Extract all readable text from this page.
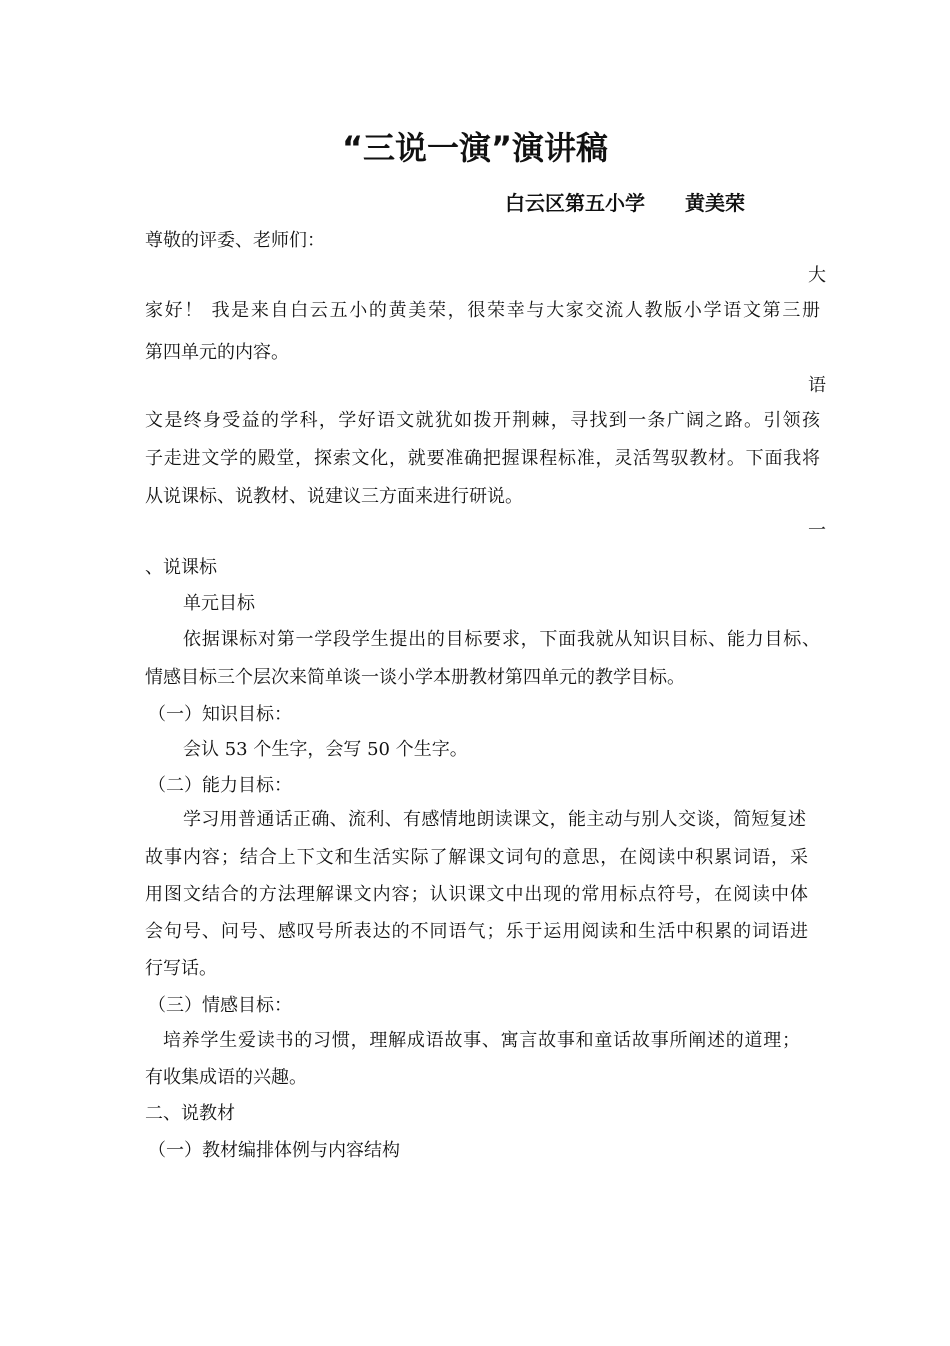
“三说一演”演讲稿
白云区第五小学 黄美荣
尊敬的评委、老师们：
大
家好！ 我是来自白云五小的黄美荣，很荣幸与大家交流人教版小学语文第三册
第四单元的内容。
语
文是终身受益的学科，学好语文就犹如拨开荆棘，寻找到一条广阔之路。引领孩
子走进文学的殿堂，探索文化，就要准确把握课程标准，灵活驾驭教材。下面我将
从说课标、说教材、说建议三方面来进行研说。
一
、说课标
单元目标
依据课标对第一学段学生提出的目标要求，下面我就从知识目标、能力目标、
情感目标三个层次来简单谈一谈小学本册教材第四单元的教学目标。
（一）知识目标：
会认 53 个生字，会写 50 个生字。
（二）能力目标：
学习用普通话正确、流利、有感情地朗读课文，能主动与别人交谈，简短复述
故事内容；结合上下文和生活实际了解课文词句的意思，在阅读中积累词语，采
用图文结合的方法理解课文内容；认识课文中出现的常用标点符号，在阅读中体
会句号、问号、感叹号所表达的不同语气；乐于运用阅读和生活中积累的词语进
行写话。
（三）情感目标：
培养学生爱读书的习惯，理解成语故事、寓言故事和童话故事所阐述的道理；
有收集成语的兴趣。
二、说教材
（一）教材编排体例与内容结构
